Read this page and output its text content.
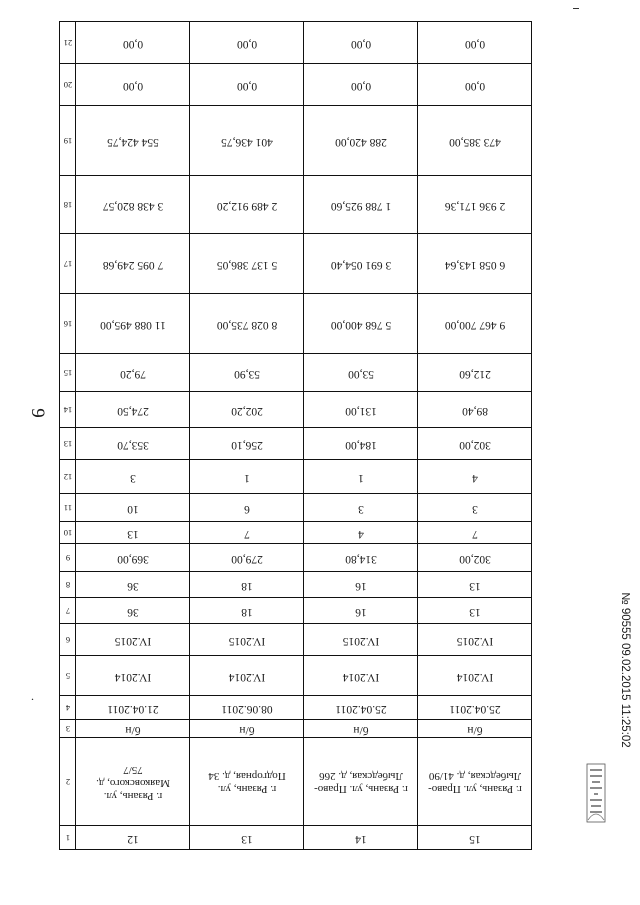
9
.
21	0,00	0,00	0,00	0,00

20	0,00	0,00	0,00	0,00

19	554 424,75	401 436,75	288 420,00	473 385,00

18	3 438 820,57	2 489 912,20	1 788 925,60	2 936 171,36

17	7 095 249,68	5 137 386,05	3 691 054,40	6 058 143,64

16	11 088 495,00	8 028 735,00	5 768 400,00	9 467 700,00

15	79,20	53,90	53,00	212,60

14	274,50	202,20	131,00	89,40

13	353,70	256,10	184,00	302,00

12	3	1	1	4

11	10	6	3	3

10	13	7	4	7

9	369,00	279,00	314,80	302,00

8	36	18	16	13

7	36	18	16	13

6	IV.2015	IV.2015	IV.2015	IV.2015

5	IV.2014	IV.2014	IV.2014	IV.2014

4	21.04.2011	08.06.2011	25.04.2011	25.04.2011

3	б/н	б/н	б/н	б/н

2	г. Рязань, ул. Маяковского, д. 75/7	г. Рязань, ул. Подгорная, д. 34	г. Рязань, ул. Право-Лыбедская, д. 266	г. Рязань, ул. Право-Лыбедская, д. 41/90

1	12	13	14	15
№ 90555 09.02.2015 11:25:02
